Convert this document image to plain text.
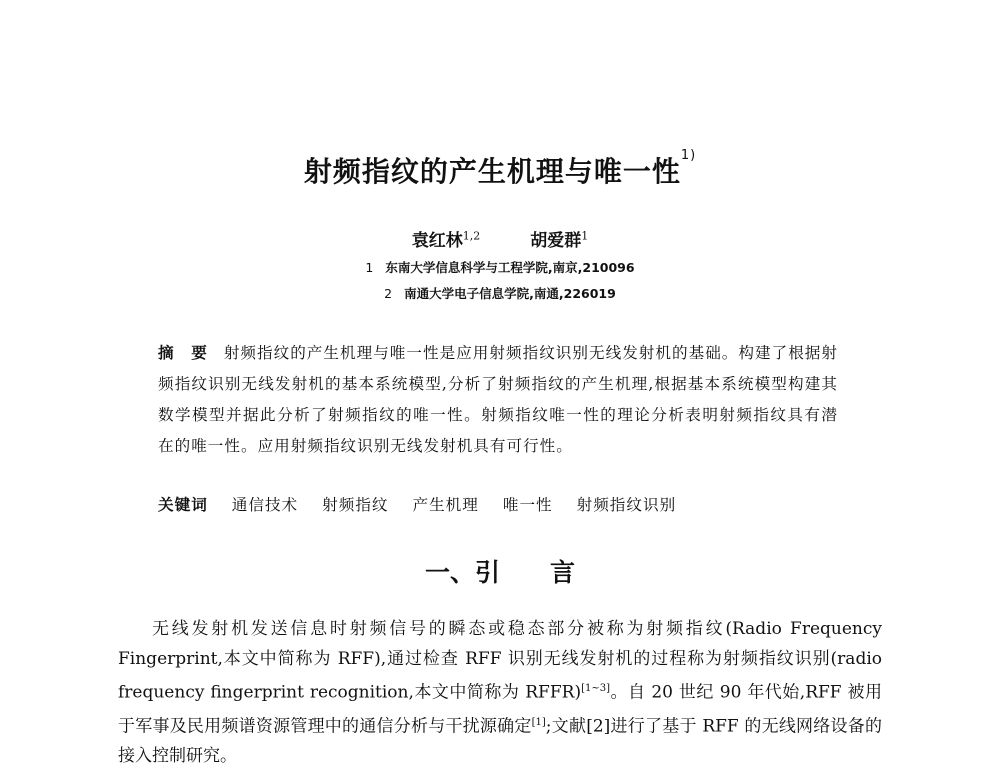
射频指纹的产生机理与唯一性$^{1)}$
袁红林$^{1,2}$	胡爱群$^1$
1 东南大学信息科学与工程学院,南京,210096
2 南通大学电子信息学院,南通,226019

摘　要 射频指纹的产生机理与唯一性是应用射频指纹识别无线发射机的基础。构建了根据射频指纹识别无线发射机的基本系统模型,分析了射频指纹的产生机理,根据基本系统模型构建其数学模型并据此分析了射频指纹的唯一性。射频指纹唯一性的理论分析表明射频指纹具有潜在的唯一性。应用射频指纹识别无线发射机具有可行性。

关键词 通信技术 射频指纹 产生机理 唯一性 射频指纹识别
一、引　　言

无线发射机发送信息时射频信号的瞬态或稳态部分被称为射频指纹(Radio Frequency Fingerprint,本文中简称为 RFF),通过检查 RFF 识别无线发射机的过程称为射频指纹识别(radio frequency fingerprint recognition,本文中简称为 RFFR)[1~3]。自 20 世纪 90 年代始,RFF 被用于军事及民用频谱资源管理中的通信分析与干扰源确定[1];文献[2]进行了基于 RFF 的无线网络设备的接入控制研究。
